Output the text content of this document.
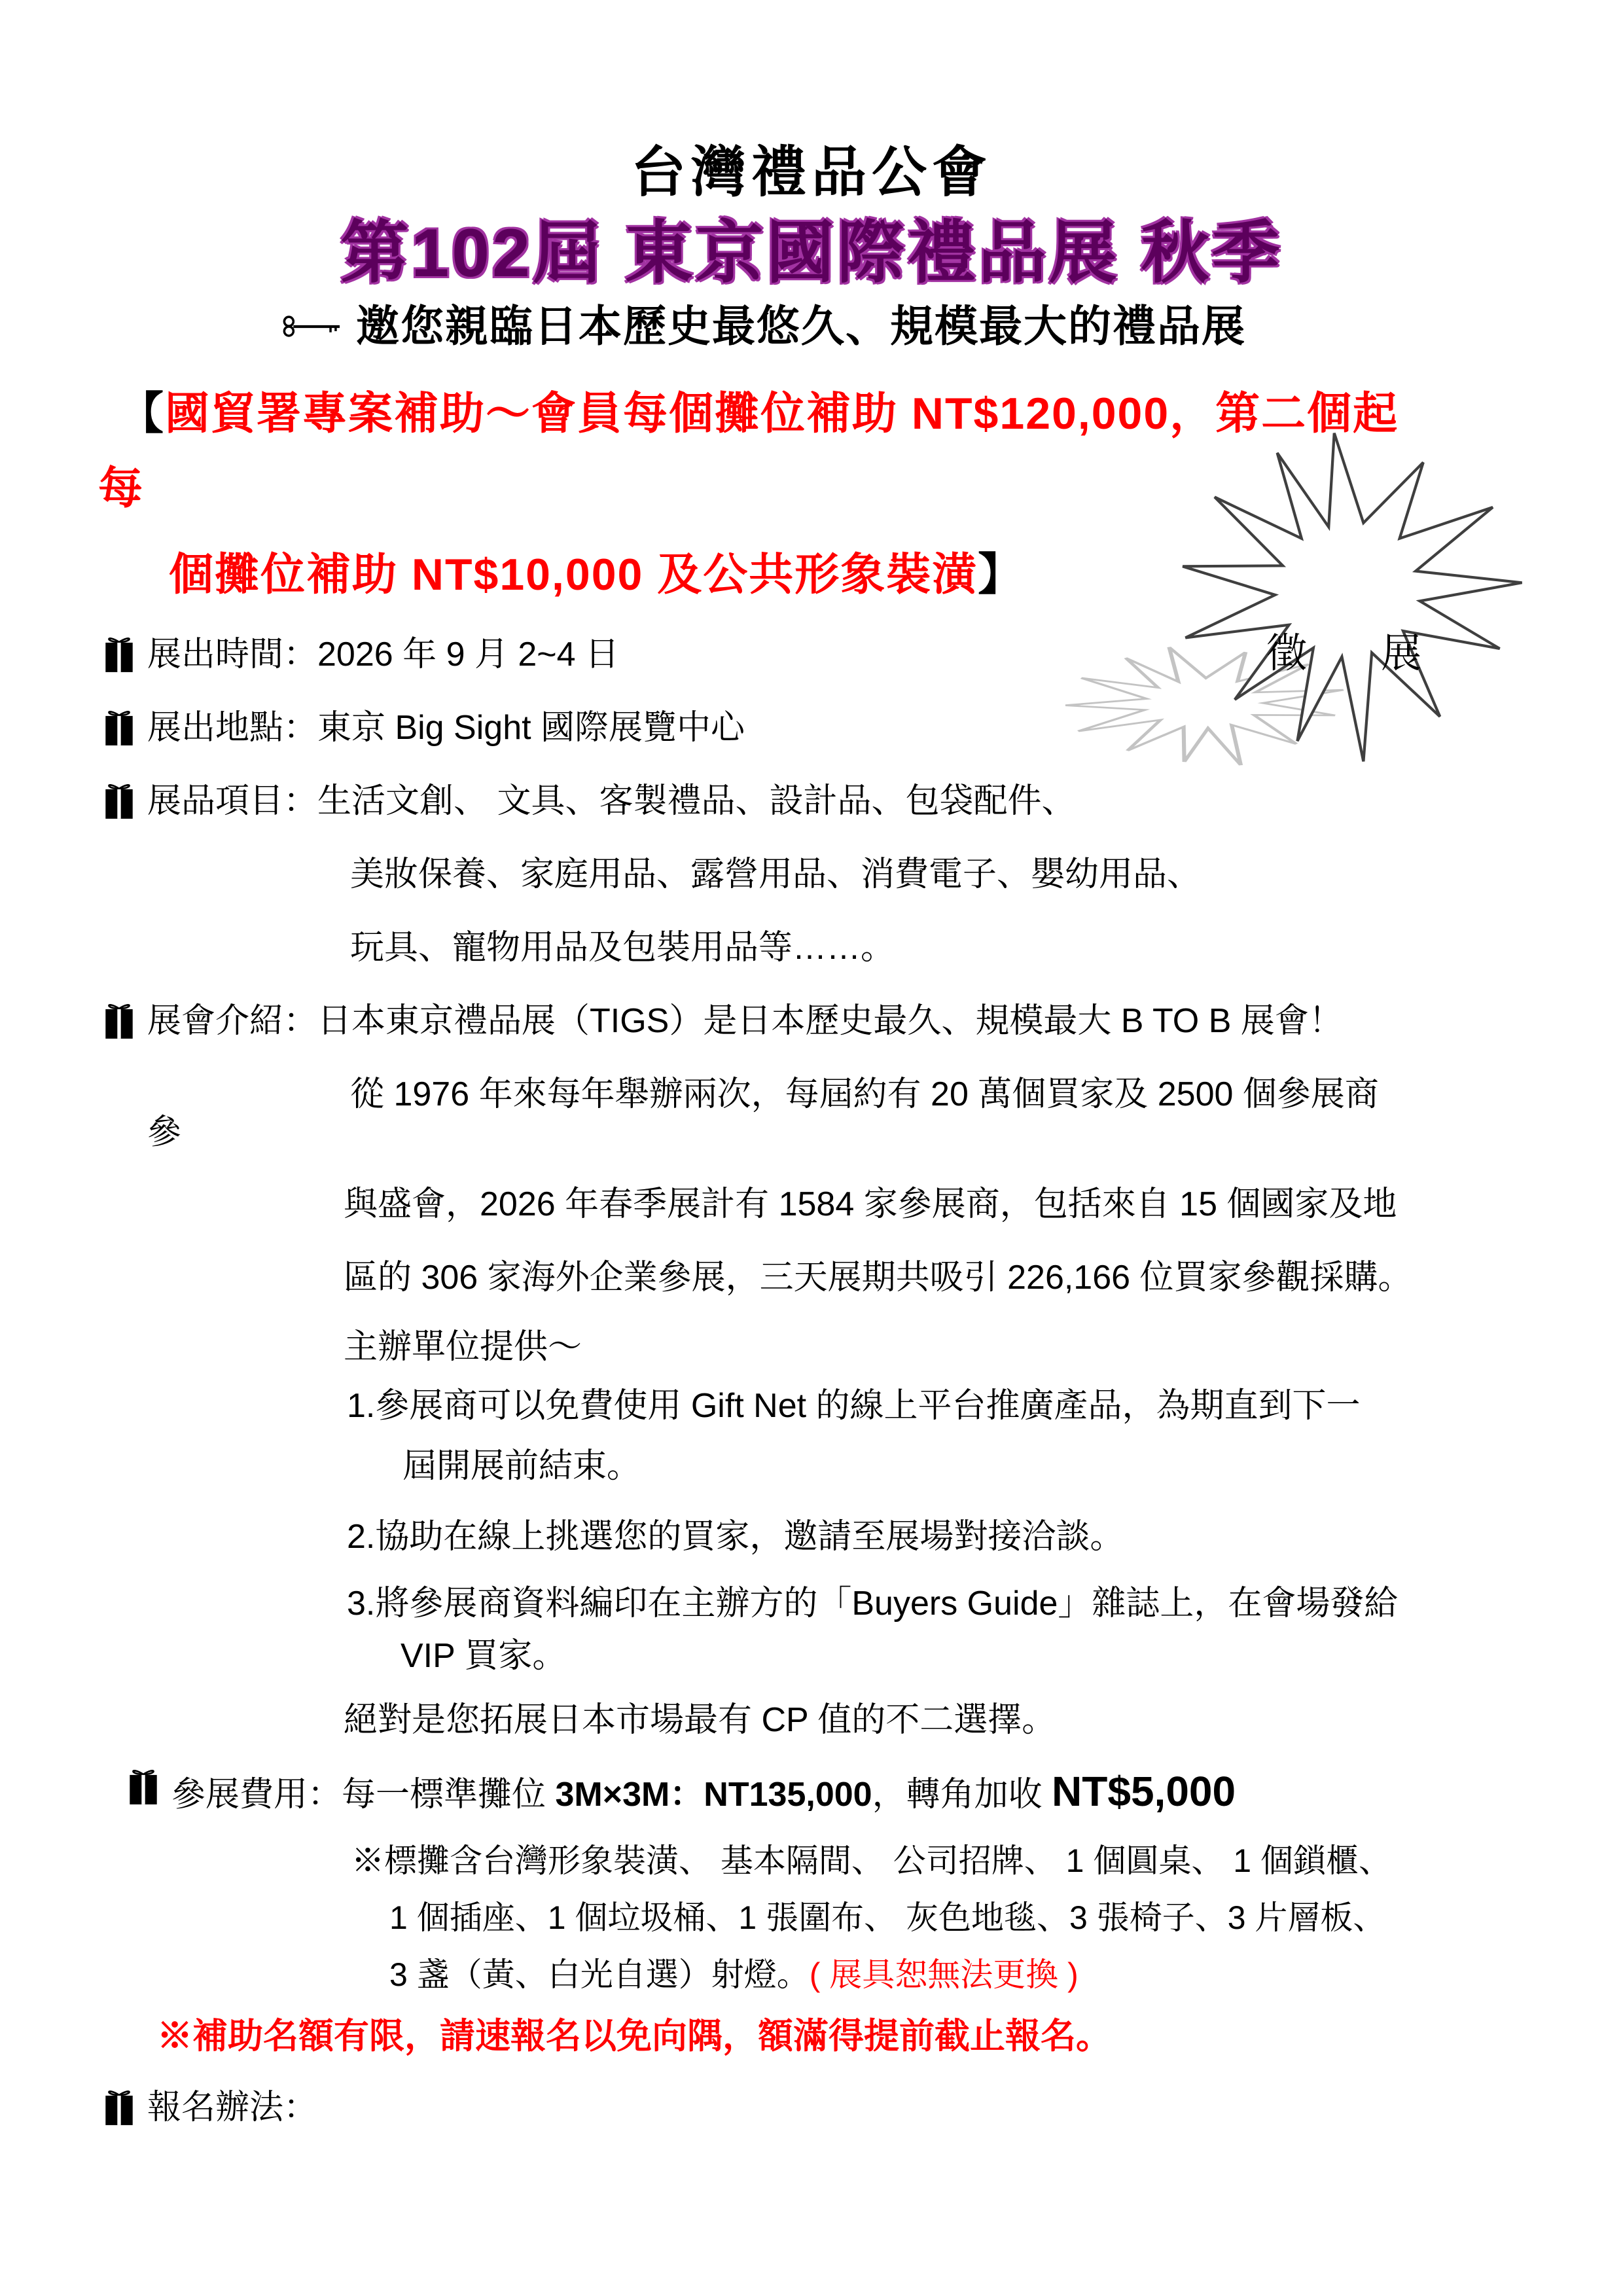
台灣禮品公會
第102屆 東京國際禮品展 秋季
邀您親臨日本歷史最悠久、規模最大的禮品展
【國貿署專案補助～會員每個攤位補助 NT$120,000，第二個起
每
個攤位補助 NT$10,000 及公共形象裝潢】
徵 展
展出時間：2026 年 9 月 2~4 日
展出地點：東京 Big Sight 國際展覽中心
展品項目：生活文創、 文具、客製禮品、設計品、包袋配件、
美妝保養、家庭用品、露營用品、消費電子、嬰幼用品、
玩具、寵物用品及包裝用品等……。
展會介紹：日本東京禮品展（TIGS）是日本歷史最久、規模最大 B TO B 展會！
從 1976 年來每年舉辦兩次，每屆約有 20 萬個買家及 2500 個參展商
參
與盛會，2026 年春季展計有 1584 家參展商，包括來自 15 個國家及地
區的 306 家海外企業參展，三天展期共吸引 226,166 位買家參觀採購。
主辦單位提供～
1.參展商可以免費使用 Gift Net 的線上平台推廣產品，為期直到下一
屆開展前結束。
2.協助在線上挑選您的買家，邀請至展場對接洽談。
3.將參展商資料編印在主辦方的「Buyers Guide」雜誌上，在會場發給
VIP 買家。
絕對是您拓展日本市場最有 CP 值的不二選擇。
參展費用：每一標準攤位 3M×3M：NT135,000，轉角加收 NT$5,000
※標攤含台灣形象裝潢、 基本隔間、 公司招牌、 1 個圓桌、 1 個鎖櫃、
1 個插座、1 個垃圾桶、1 張圍布、 灰色地毯、3 張椅子、3 片層板、
3 盞（黃、白光自選）射燈。( 展具恕無法更換 )
※補助名額有限，請速報名以免向隅，額滿得提前截止報名。
報名辦法：
